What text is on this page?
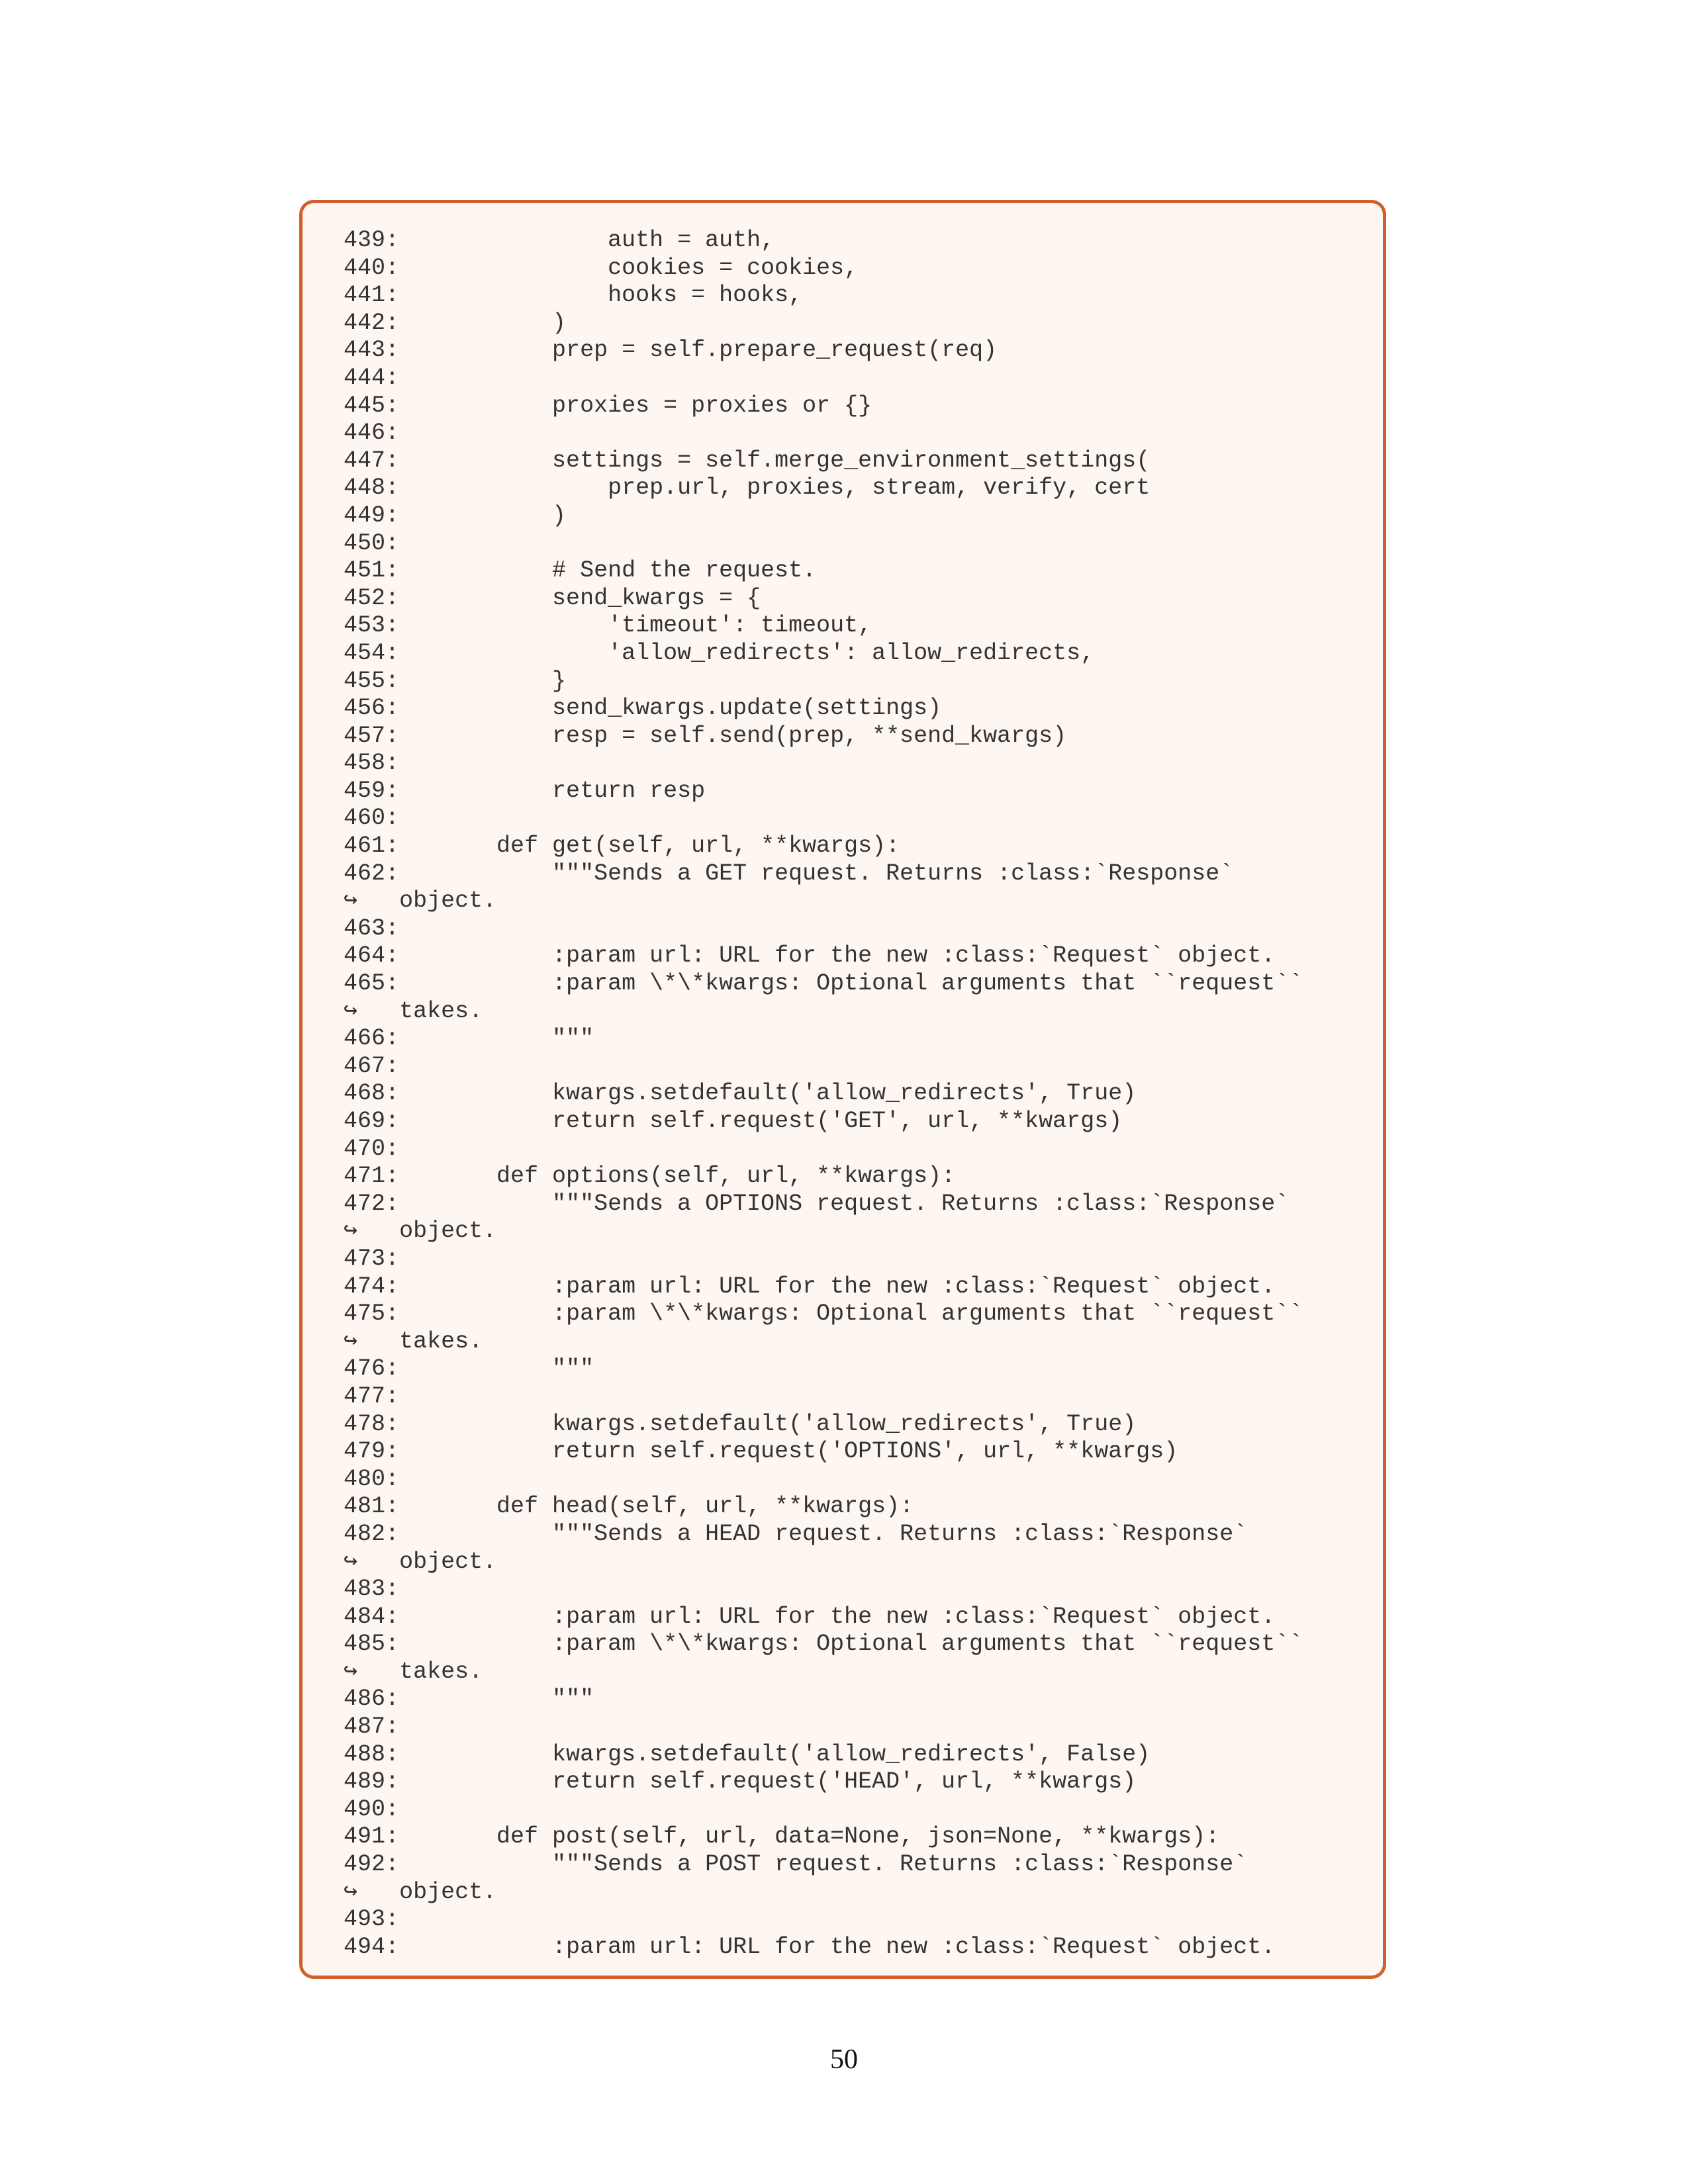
439:               auth = auth,
440:               cookies = cookies,
441:               hooks = hooks,
442:           )
443:           prep = self.prepare_request(req)
444:
445:           proxies = proxies or {}
446:
447:           settings = self.merge_environment_settings(
448:               prep.url, proxies, stream, verify, cert
449:           )
450:
451:           # Send the request.
452:           send_kwargs = {
453:               'timeout': timeout,
454:               'allow_redirects': allow_redirects,
455:           }
456:           send_kwargs.update(settings)
457:           resp = self.send(prep, **send_kwargs)
458:
459:           return resp
460:
461:       def get(self, url, **kwargs):
462:           """Sends a GET request. Returns :class:`Response`
↪ object.
463:
464:           :param url: URL for the new :class:`Request` object.
465:           :param \*\*kwargs: Optional arguments that ``request``
↪ takes.
466:           """
467:
468:           kwargs.setdefault('allow_redirects', True)
469:           return self.request('GET', url, **kwargs)
470:
471:       def options(self, url, **kwargs):
472:           """Sends a OPTIONS request. Returns :class:`Response`
↪ object.
473:
474:           :param url: URL for the new :class:`Request` object.
475:           :param \*\*kwargs: Optional arguments that ``request``
↪ takes.
476:           """
477:
478:           kwargs.setdefault('allow_redirects', True)
479:           return self.request('OPTIONS', url, **kwargs)
480:
481:       def head(self, url, **kwargs):
482:           """Sends a HEAD request. Returns :class:`Response`
↪ object.
483:
484:           :param url: URL for the new :class:`Request` object.
485:           :param \*\*kwargs: Optional arguments that ``request``
↪ takes.
486:           """
487:
488:           kwargs.setdefault('allow_redirects', False)
489:           return self.request('HEAD', url, **kwargs)
490:
491:       def post(self, url, data=None, json=None, **kwargs):
492:           """Sends a POST request. Returns :class:`Response`
↪ object.
493:
494:           :param url: URL for the new :class:`Request` object.
50
